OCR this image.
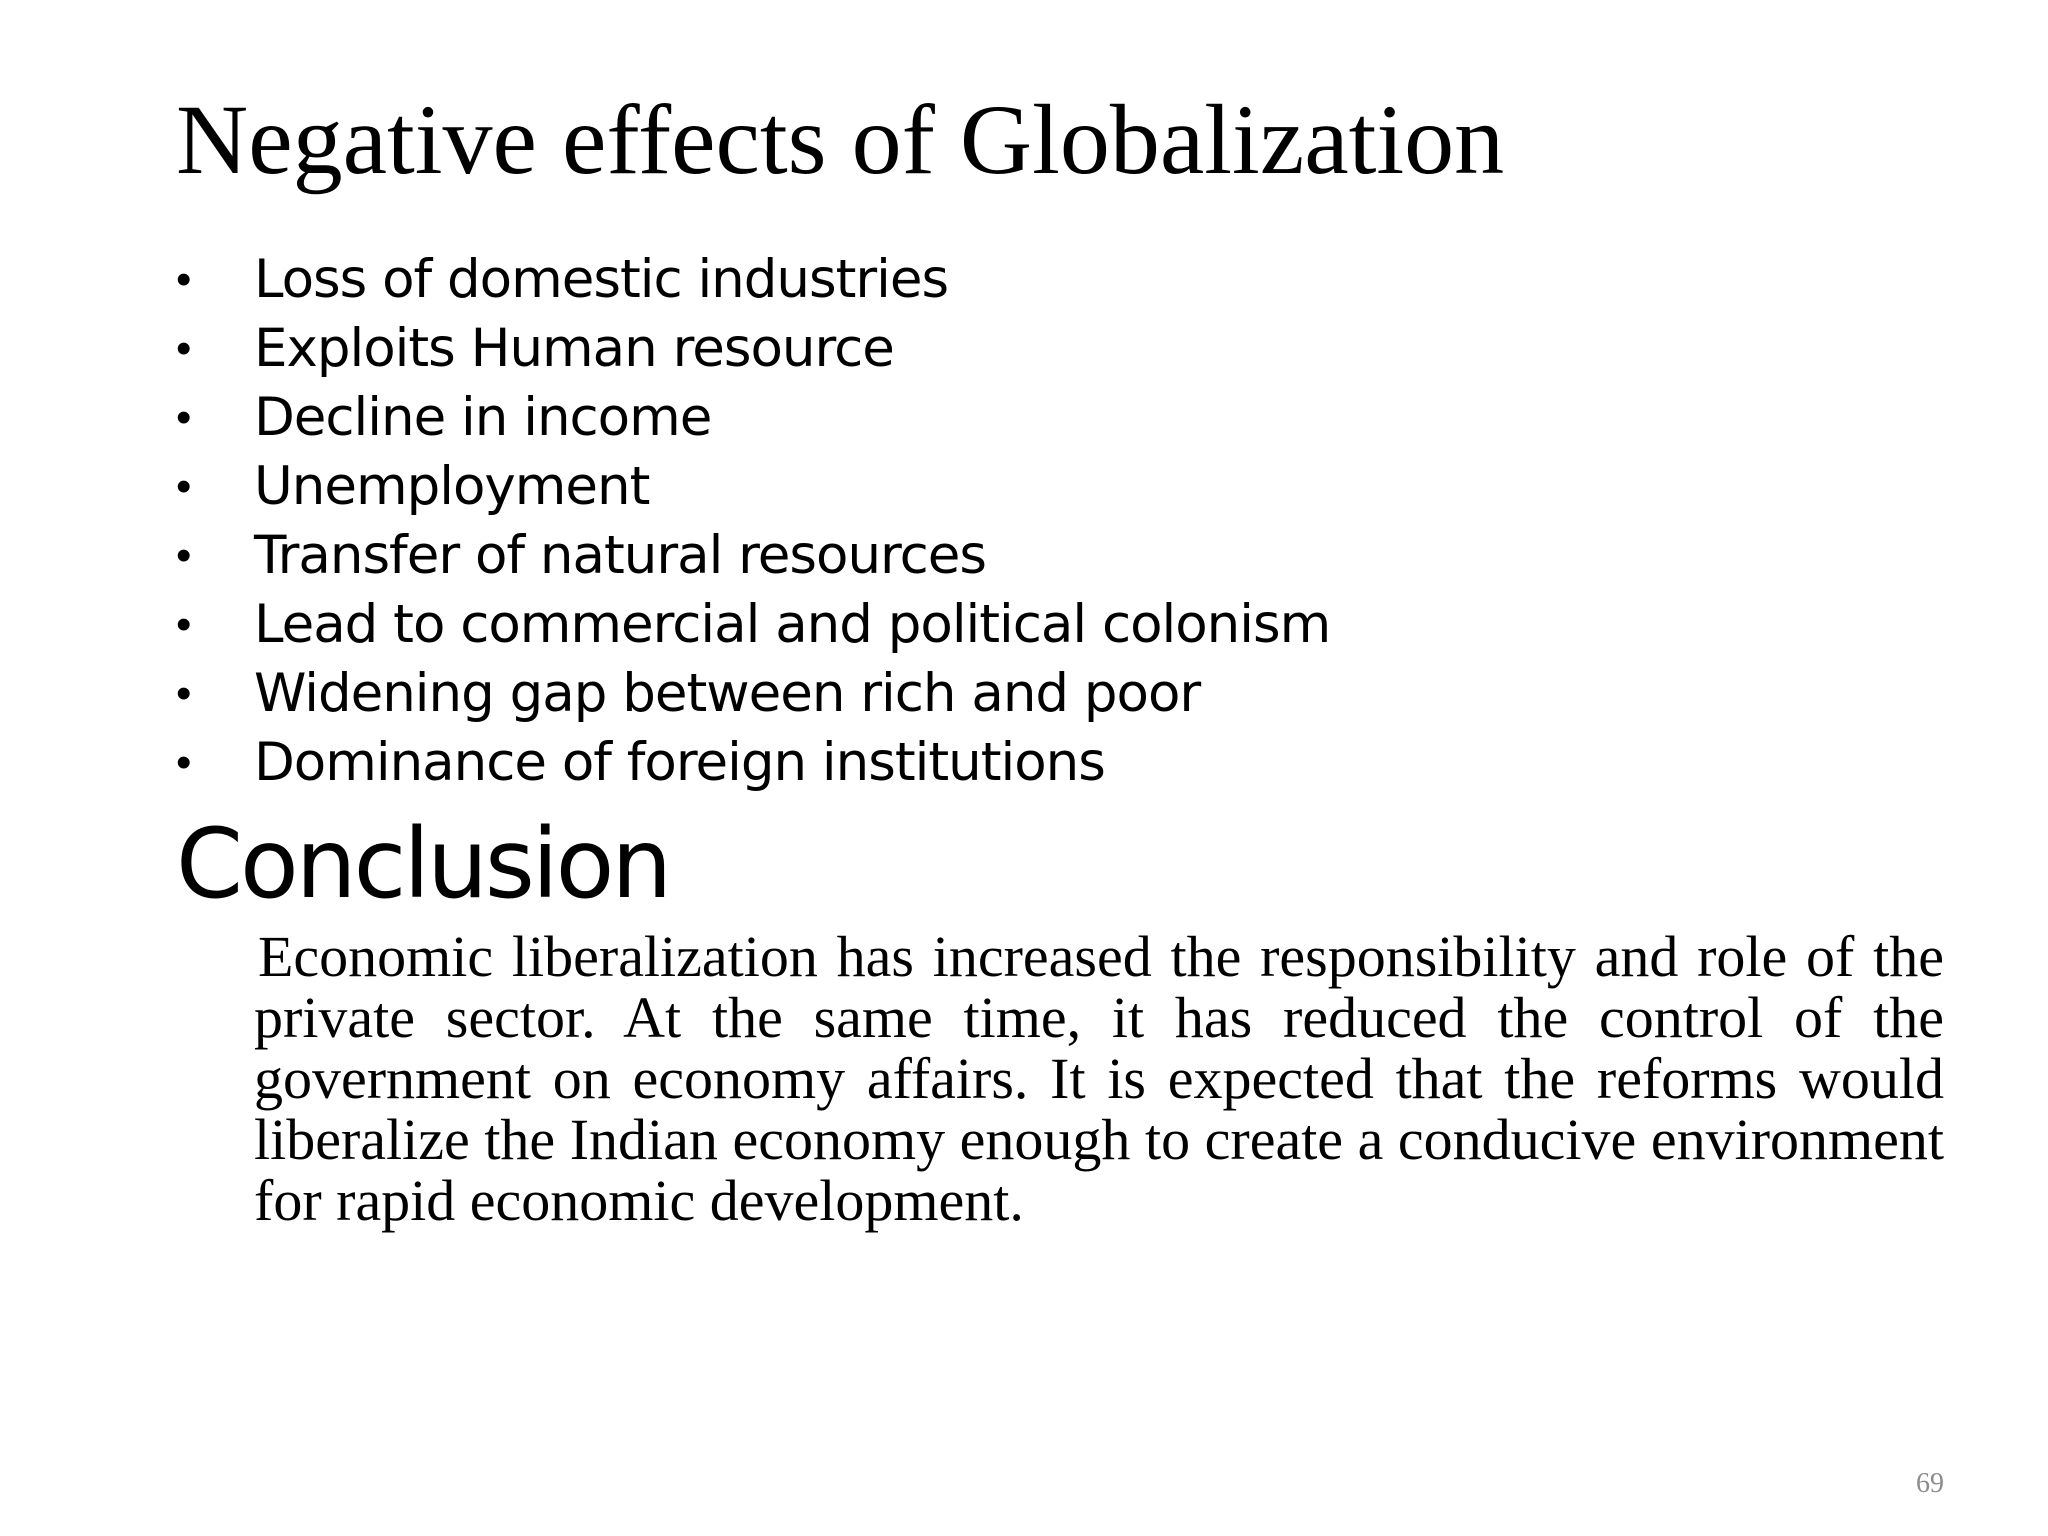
Negative effects of Globalization
• Loss of domestic industries
• Exploits Human resource
• Decline in income
• Unemployment
• Transfer of natural resources
• Lead to commercial and political colonism
• Widening gap between rich and poor
• Dominance of foreign institutions
Conclusion

Economic liberalization has increased the responsibility and role of the private sector. At the same time, it has reduced the control of the government on economy affairs. It is expected that the reforms would liberalize the Indian economy enough to create a conducive environment for rapid economic development.

69
